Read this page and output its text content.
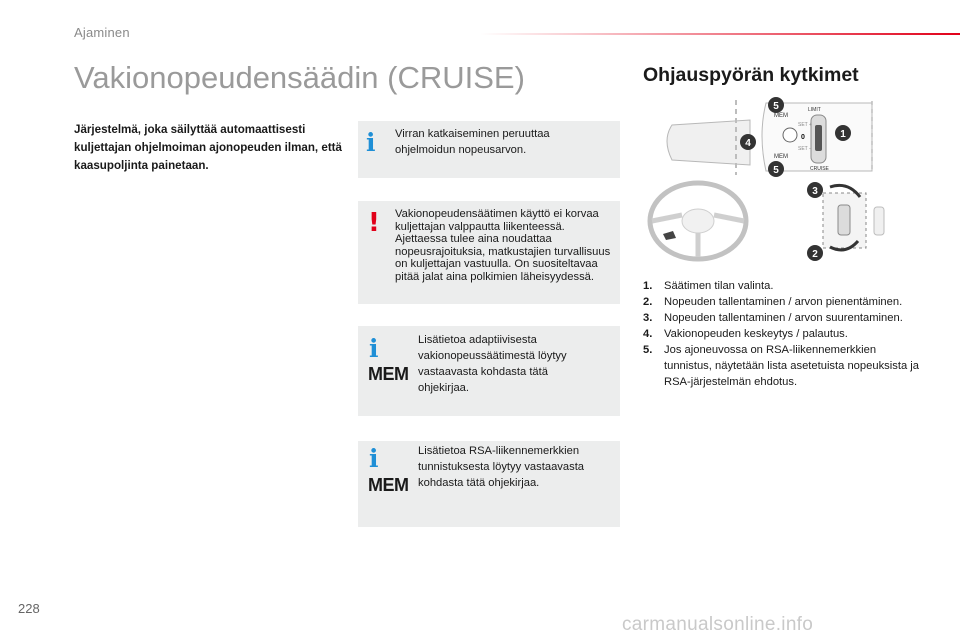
Ajaminen
Vakionopeudensäädin (CRUISE)
Järjestelmä, joka säilyttää automaattisesti kuljettajan ohjelmoiman ajonopeuden ilman, että kaasupoljinta painetaan.
i Virran katkaiseminen peruuttaa ohjelmoidun nopeusarvon.
! Vakionopeudensäätimen käyttö ei korvaa kuljettajan valppautta liikenteessä. Ajettaessa tulee aina noudattaa nopeusrajoituksia, matkustajien turvallisuus on kuljettajan vastuulla. On suositeltavaa pitää jalat aina polkimien läheisyydessä.
i
MEM
Lisätietoa adaptiivisesta vakionopeussäätimestä löytyy vastaavasta kohdasta tätä ohjekirjaa.
i
MEM
Lisätietoa RSA-liikennemerkkien tunnistuksesta löytyy vastaavasta kohdasta tätä ohjekirjaa.
Ohjauspyörän kytkimet
MEM
LIMIT
SET +
SET -
0
MEM
CRUISE
1
2
3
4
5
5
1.	Säätimen tilan valinta.
2.	Nopeuden tallentaminen / arvon pienentäminen.
3.	Nopeuden tallentaminen / arvon suurentaminen.
4.	Vakionopeuden keskeytys / palautus.
5.	Jos ajoneuvossa on RSA-liikennemerkkien tunnistus, näytetään lista asetetuista nopeuksista ja RSA-järjestelmän ehdotus.
228
carmanualsonline.info
